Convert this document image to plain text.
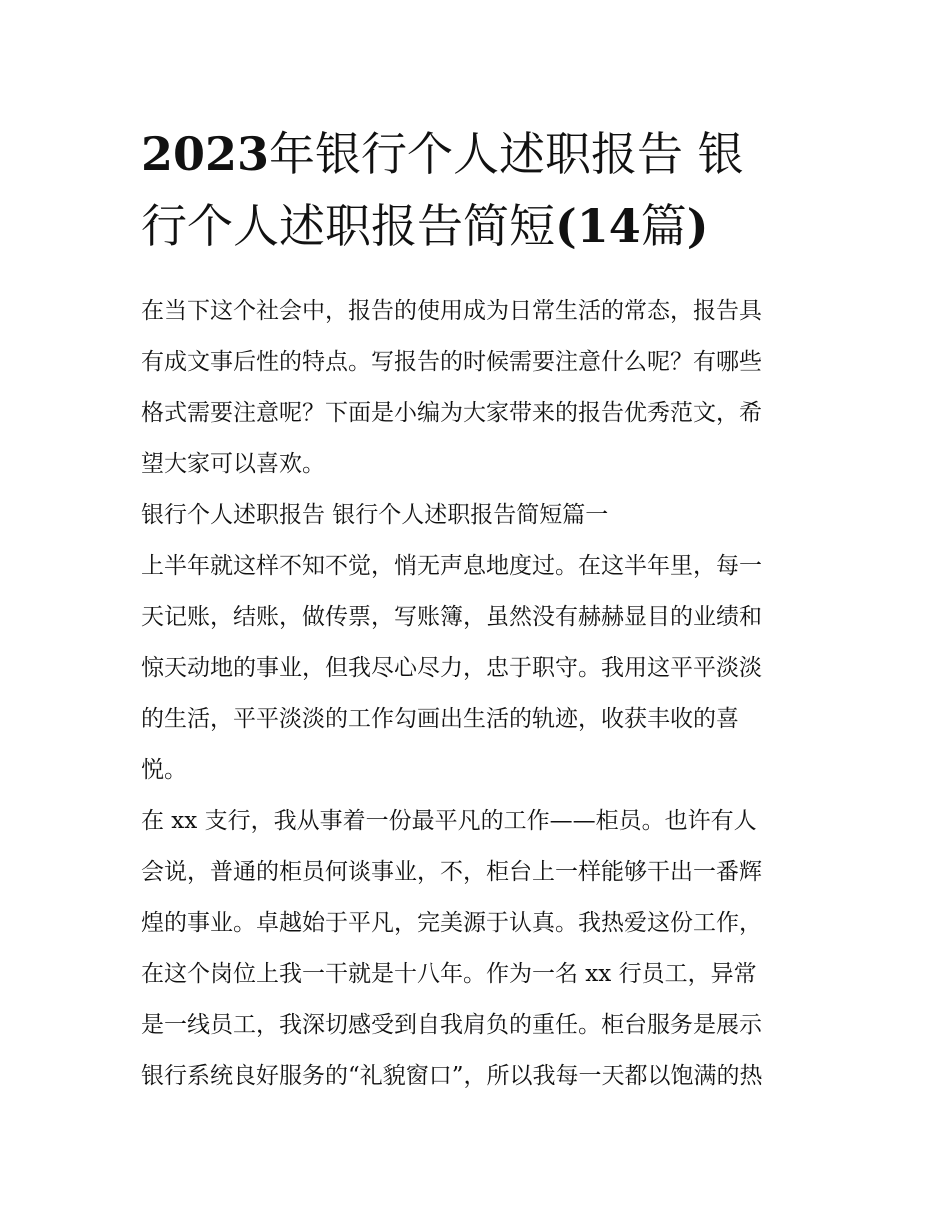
2023年银行个人述职报告 银
行个人述职报告简短(14篇)

在当下这个社会中，报告的使用成为日常生活的常态，报告具
有成文事后性的特点。写报告的时候需要注意什么呢？有哪些
格式需要注意呢？下面是小编为大家带来的报告优秀范文，希
望大家可以喜欢。

银行个人述职报告 银行个人述职报告简短篇一

上半年就这样不知不觉，悄无声息地度过。在这半年里，每一
天记账，结账，做传票，写账簿，虽然没有赫赫显目的业绩和
惊天动地的事业，但我尽心尽力，忠于职守。我用这平平淡淡
的生活，平平淡淡的工作勾画出生活的轨迹，收获丰收的喜
悦。

在 xx 支行，我从事着一份最平凡的工作——柜员。也许有人
会说，普通的柜员何谈事业，不，柜台上一样能够干出一番辉
煌的事业。卓越始于平凡，完美源于认真。我热爱这份工作，
在这个岗位上我一干就是十八年。作为一名 xx 行员工，异常
是一线员工，我深切感受到自我肩负的重任。柜台服务是展示
银行系统良好服务的“礼貌窗口”，所以我每一天都以饱满的热
